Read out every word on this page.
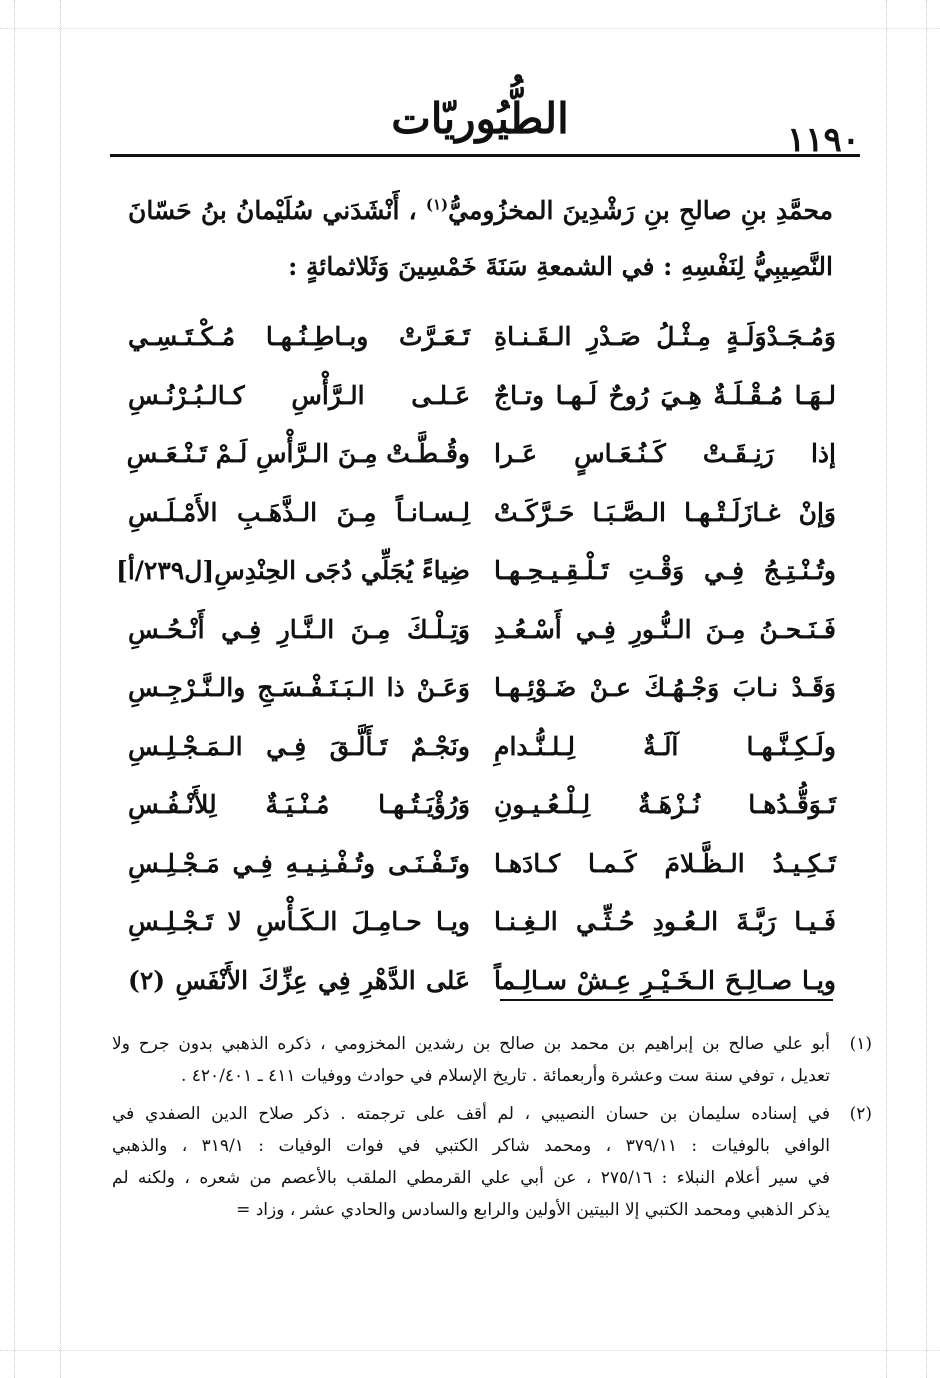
١١٩٠
الطُّيُوريّات

محمَّدِ بنِ صالحِ بنِ رَشْدِينَ المخزُوميُّ$^{(١)}$ ، أَنْشَدَني سُلَيْمانُ بنُ حَسّانَ

النَّصِيبِيُّ لِنَفْسِهِ : في الشمعةِ سَنَةَ خَمْسِينَ وَثَلاثمائةٍ :

وَمُـجَـدْوَلَـةٍ مِـثْـلُ صَـدْرِ الـقَـنـاةِ
تَـعَـرَّتْ وبـاطِـنُـهـا مُـكْـتَـسِـي
لـهَـا مُـقْـلَـةٌ هِـيَ رُوحٌ لَـهـا وتـاجٌ
عَـلـى الـرَّأْسِ كـالـبُـرْنُـسِ
إذا رَنِـقَـتْ كَـنُـعَـاسٍ عَـرا
وقُـطَّـتْ مِـنَ الـرَّأْسِ لَـمْ تَـنْـعَـسِ
وَإنْ غـازَلَـتْـهـا الـصَّـبَـا حَـرَّكَـتْ
لِـسـانـاً مِـنَ الـذَّهَـبِ الأَمْـلَـسِ
وتُـنْـتِـجُ فِـي وَقْـتِ تَـلْـقِـيـحِـهـا
ضِياءً يُجَلِّي دُجَى الحِنْدِسِ[ل٢٣٩/أ]
فَـنَـحـنُ مِـنَ الـنُّـورِ فِـي أَسْـعُـدِ
وَتِـلْـكَ مِـنَ الـنَّـارِ فِـي أَنْـحُـسِ
وَقَـدْ نـابَ وَجْـهُـكَ عـنْ ضَـوْئِـهـا
وَعَـنْ ذا الـبَـنَـفْـسَـجِ والـنَّـرْجِـسِ
ولَـكِـنَّـهـا آلَـةٌ لِـلـنُّـدامِ
ونَجْـمٌ تَـأَلَّـقَ فِـي الـمَـجْـلِـسِ
تَـوَقُّـدُهـا نُـزْهَـةٌ لِـلْـعُـيـونِ
وَرُؤْيَـتُـهـا مُـنْـيَـةٌ لِلأَنْـفُـسِ
تَـكِـيـدُ الـظَّـلامَ كَـمـا كـادَهـا
وتَـفْـنَـى وتُـفْـنِـيـهِ فِـي مَـجْـلِـسِ
فَـيـا رَبَّـةَ الـعُـودِ حُـثِّـي الـغِـنـا
ويـا حـامِـلَ الـكَـأْسِ لا تَـجْـلِـسِ
ويـا صـالِـحَ الـخَـيْـرِ عِـشْ سـالِـماً
عَلى الدَّهْرِ فِي عِزِّكَ الأَنْفَسِ (٢)
(١)
أبو علي صالح بن إبراهيم بن محمد بن صالح بن رشدين المخزومي ، ذكره الذهبي بدون جرح ولا
تعديل ، توفي سنة ست وعشرة وأربعمائة . تاريخ الإسلام في حوادث ووفيات ٤١١ ـ ٤٢٠/٤٠١ .
(٢)
في إسناده سليمان بن حسان النصيبي ، لم أقف على ترجمته . ذكر صلاح الدين الصفدي في
الوافي بالوفيات : ٣٧٩/١١ ، ومحمد شاكر الكتبي في فوات الوفيات : ٣١٩/١ ، والذهبي
في سير أعلام النبلاء : ٢٧٥/١٦ ، عن أبي علي القرمطي الملقب بالأعصم من شعره ، ولكنه لم
يذكر الذهبي ومحمد الكتبي إلا البيتين الأولين والرابع والسادس والحادي عشر ، وزاد =
